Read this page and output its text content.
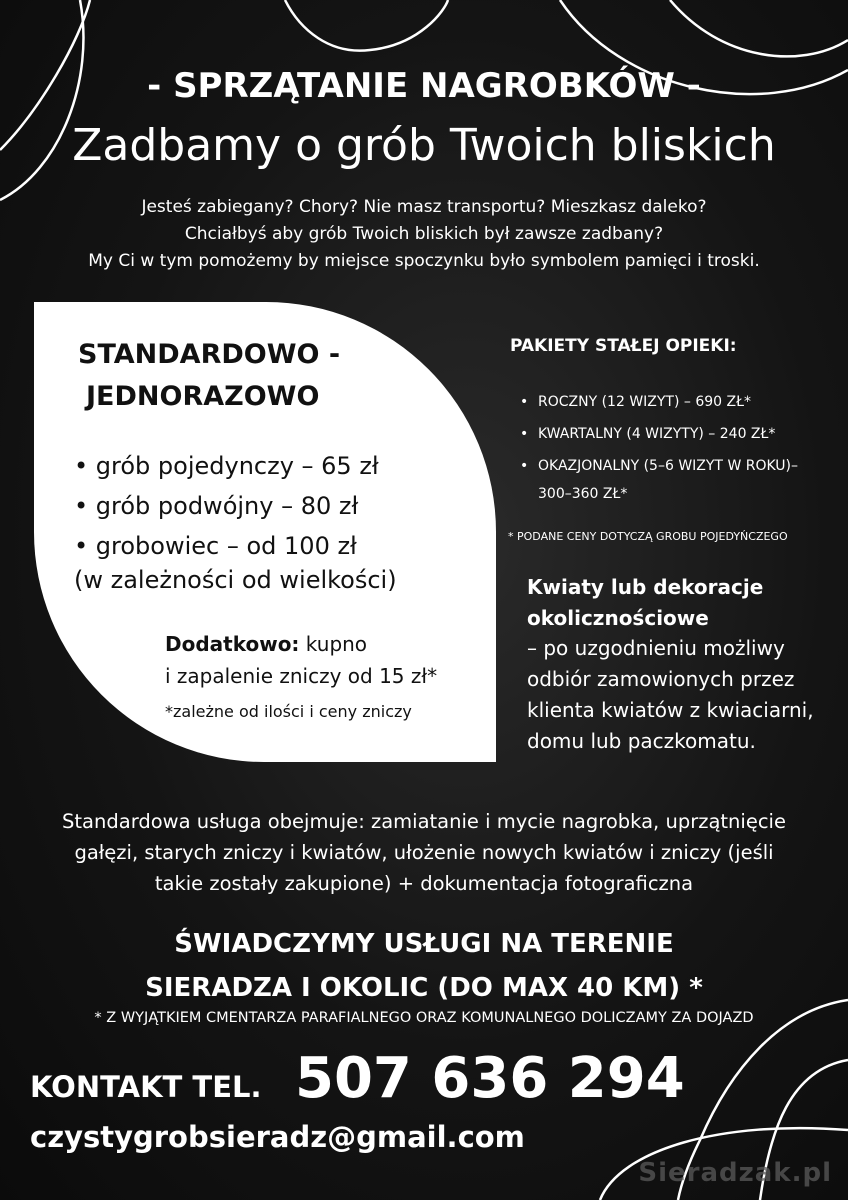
- SPRZĄTANIE NAGROBKÓW -
Zadbamy o grób Twoich bliskich
Jesteś zabiegany? Chory? Nie masz transportu? Mieszkasz daleko?
Chciałbyś aby grób Twoich bliskich był zawsze zadbany?
My Ci w tym pomożemy by miejsce spoczynku było symbolem pamięci i troski.
STANDARDOWO -
JEDNORAZOWO
• grób pojedynczy – 65 zł
• grób podwójny – 80 zł
• grobowiec – od 100 zł
(w zależności od wielkości)
Dodatkowo: kupno
i zapalenie zniczy od 15 zł*
*zależne od ilości i ceny zniczy
PAKIETY STAŁEJ OPIEKI:
• ROCZNY (12 WIZYT) – 690 ZŁ*
• KWARTALNY (4 WIZYTY) – 240 ZŁ*
• OKAZJONALNY (5–6 WIZYT W ROKU)– 300–360 ZŁ*
* PODANE CENY DOTYCZĄ GROBU POJEDYŃCZEGO
Kwiaty lub dekoracje okolicznościowe
– po uzgodnieniu możliwy odbiór zamowionych przez klienta kwiatów z kwiaciarni, domu lub paczkomatu.
Standardowa usługa obejmuje: zamiatanie i mycie nagrobka, uprzątnięcie
gałęzi, starych zniczy i kwiatów, ułożenie nowych kwiatów i zniczy (jeśli
takie zostały zakupione) + dokumentacja fotograficzna
ŚWIADCZYMY USŁUGI NA TERENIE
SIERADZA I OKOLIC (DO MAX 40 KM) *
* Z WYJĄTKIEM CMENTARZA PARAFIALNEGO ORAZ KOMUNALNEGO DOLICZAMY ZA DOJAZD
KONTAKT TEL. 507 636 294
czystygrobsieradz@gmail.com
Sieradzak.pl
